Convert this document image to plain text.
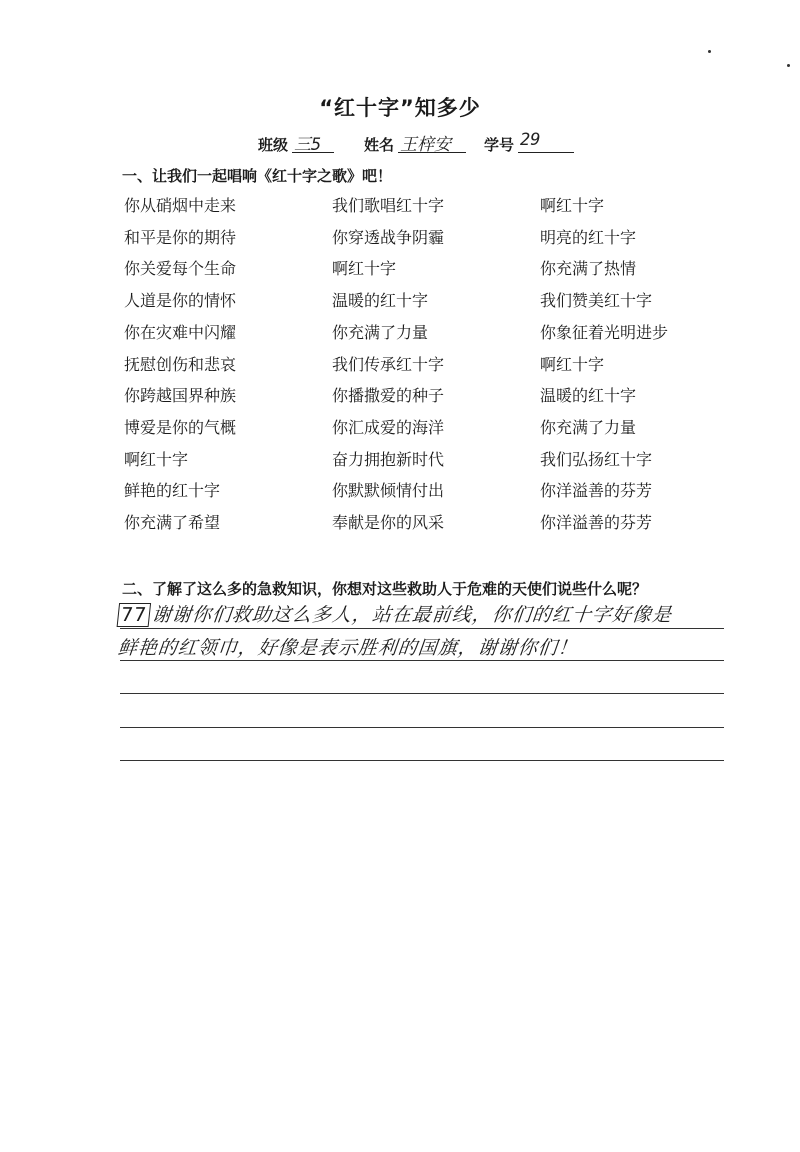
“红十字”知多少
班级 三5	姓名 王梓安	学号 29
一、让我们一起唱响《红十字之歌》吧！
你从硝烟中走来
和平是你的期待
你关爱每个生命
人道是你的情怀
你在灾难中闪耀
抚慰创伤和悲哀
你跨越国界种族
博爱是你的气概
啊红十字
鲜艳的红十字
你充满了希望
我们歌唱红十字
你穿透战争阴霾
啊红十字
温暖的红十字
你充满了力量
我们传承红十字
你播撒爱的种子
你汇成爱的海洋
奋力拥抱新时代
你默默倾情付出
奉献是你的风采
啊红十字
明亮的红十字
你充满了热情
我们赞美红十字
你象征着光明进步
啊红十字
温暖的红十字
你充满了力量
我们弘扬红十字
你洋溢善的芬芳
你洋溢善的芬芳
二、了解了这么多的急救知识，你想对这些救助人于危难的天使们说些什么呢？
77 谢谢你们救助这么多人，站在最前线，你们的红十字好像是
鲜艳的红领巾，好像是表示胜利的国旗，谢谢你们！
